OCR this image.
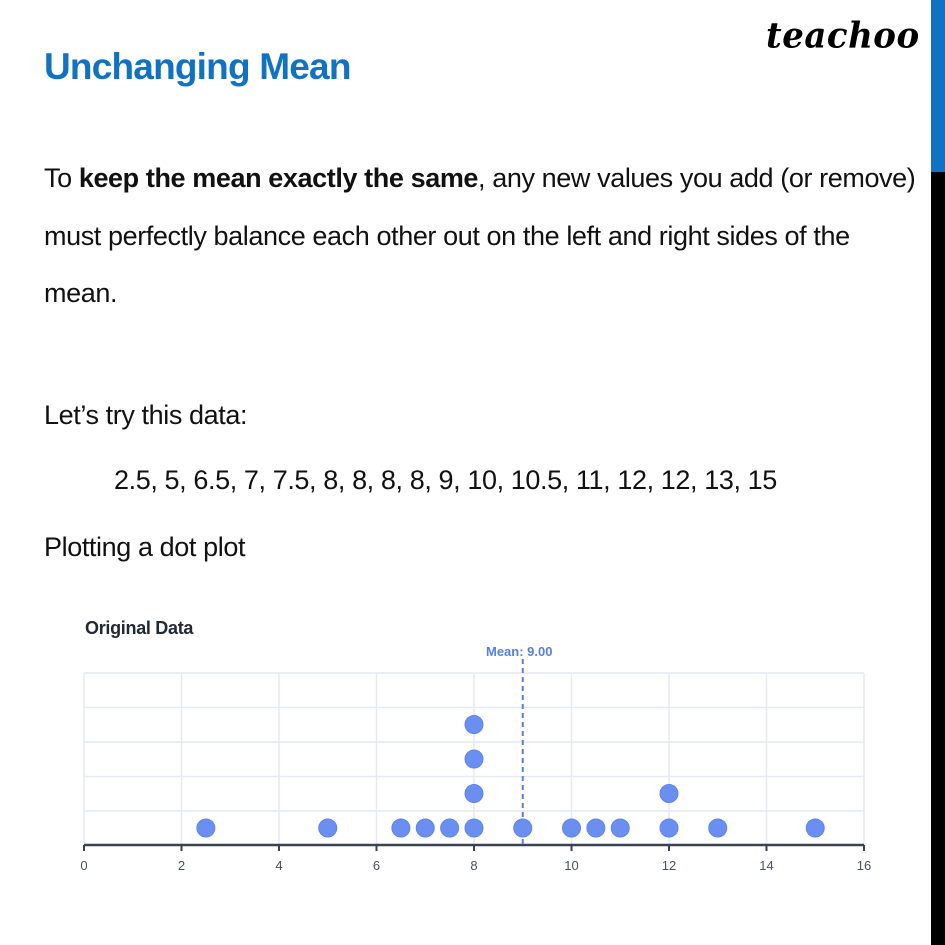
teachoo
Unchanging Mean
To keep the mean exactly the same, any new values you add (or remove) must perfectly balance each other out on the left and right sides of the mean.
Let’s try this data:
2.5, 5, 6.5, 7, 7.5, 8, 8, 8, 8, 9, 10, 10.5, 11, 12, 12, 13, 15
Plotting a dot plot
Original Data
Mean: 9.00
0	2	4	6	8	10	12	14	16
